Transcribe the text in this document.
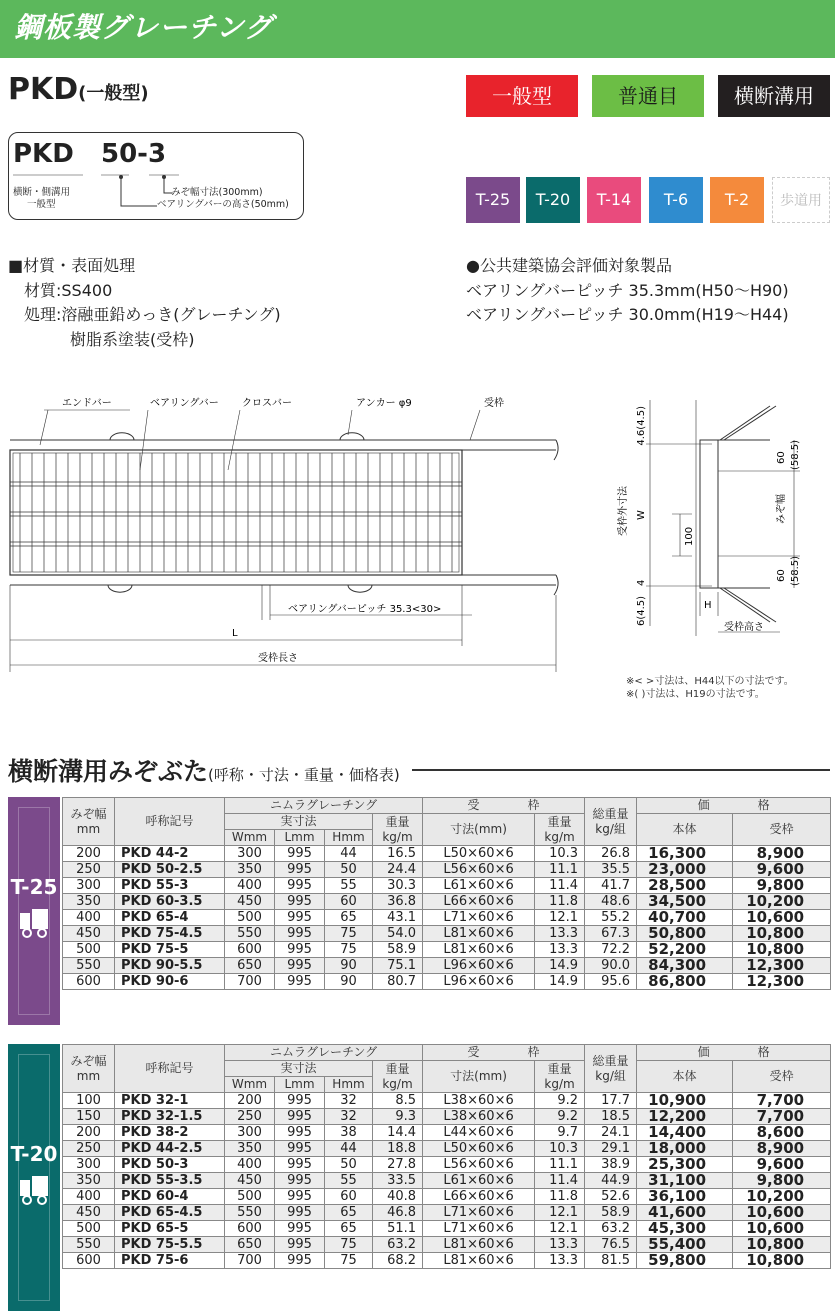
鋼板製グレーチング
PKD(一般型)	一般型	普通目	横断溝用
PKD 50-3
横断・側溝用
一般型
みぞ幅寸法(300mm)
ベアリングバーの高さ(50mm)	T-25	T-20	T-14	T-6	T-2	歩道用
■材質・表面処理
材質:SS400
処理:溶融亜鉛めっき(グレーチング)
樹脂系塗装(受枠)
●公共建築協会評価対象製品
ベアリングバーピッチ 35.3mm(H50〜H90)
ベアリングバーピッチ 30.0mm(H19〜H44)
エンドバー	ベアリングバー クロスバー	アンカー φ9	受枠
ベアリングバーピッチ 35.3<30>
L
受枠長さ
4.6(4.5)
W
受枠外寸法
4
6(4.5)
100
60 (58.5)
60 (58.5)
みぞ幅
H
受枠高さ
※< >寸法は、H44以下の寸法です。
※( )寸法は、H19の寸法です。
横断溝用みぞぶた(呼称・寸法・重量・価格表)
T-25
みぞ幅
mm	呼称記号	ニムラグレーチング				受　　　　枠		総重量
kg/組	価　　　　格	
		実寸法			重量
kg/m	寸法(mm)	重量
kg/m		本体	受枠
		Wmm	Lmm	Hmm						
200	PKD 44-2	300	995	44	16.5	L50×60×6	10.3	26.8	16,300	8,900
250	PKD 50-2.5	350	995	50	24.4	L56×60×6	11.1	35.5	23,000	9,600
300	PKD 55-3	400	995	55	30.3	L61×60×6	11.4	41.7	28,500	9,800
350	PKD 60-3.5	450	995	60	36.8	L66×60×6	11.8	48.6	34,500	10,200
400	PKD 65-4	500	995	65	43.1	L71×60×6	12.1	55.2	40,700	10,600
450	PKD 75-4.5	550	995	75	54.0	L81×60×6	13.3	67.3	50,800	10,800
500	PKD 75-5	600	995	75	58.9	L81×60×6	13.3	72.2	52,200	10,800
550	PKD 90-5.5	650	995	90	75.1	L96×60×6	14.9	90.0	84,300	12,300
600	PKD 90-6	700	995	90	80.7	L96×60×6	14.9	95.6	86,800	12,300
T-20
みぞ幅
mm	呼称記号	ニムラグレーチング				受　　　　枠		総重量
kg/組	価　　　　格	
		実寸法			重量
kg/m	寸法(mm)	重量
kg/m		本体	受枠
		Wmm	Lmm	Hmm						
100	PKD 32-1	200	995	32	8.5	L38×60×6	9.2	17.7	10,900	7,700
150	PKD 32-1.5	250	995	32	9.3	L38×60×6	9.2	18.5	12,200	7,700
200	PKD 38-2	300	995	38	14.4	L44×60×6	9.7	24.1	14,400	8,600
250	PKD 44-2.5	350	995	44	18.8	L50×60×6	10.3	29.1	18,000	8,900
300	PKD 50-3	400	995	50	27.8	L56×60×6	11.1	38.9	25,300	9,600
350	PKD 55-3.5	450	995	55	33.5	L61×60×6	11.4	44.9	31,100	9,800
400	PKD 60-4	500	995	60	40.8	L66×60×6	11.8	52.6	36,100	10,200
450	PKD 65-4.5	550	995	65	46.8	L71×60×6	12.1	58.9	41,600	10,600
500	PKD 65-5	600	995	65	51.1	L71×60×6	12.1	63.2	45,300	10,600
550	PKD 75-5.5	650	995	75	63.2	L81×60×6	13.3	76.5	55,400	10,800
600	PKD 75-6	700	995	75	68.2	L81×60×6	13.3	81.5	59,800	10,800
